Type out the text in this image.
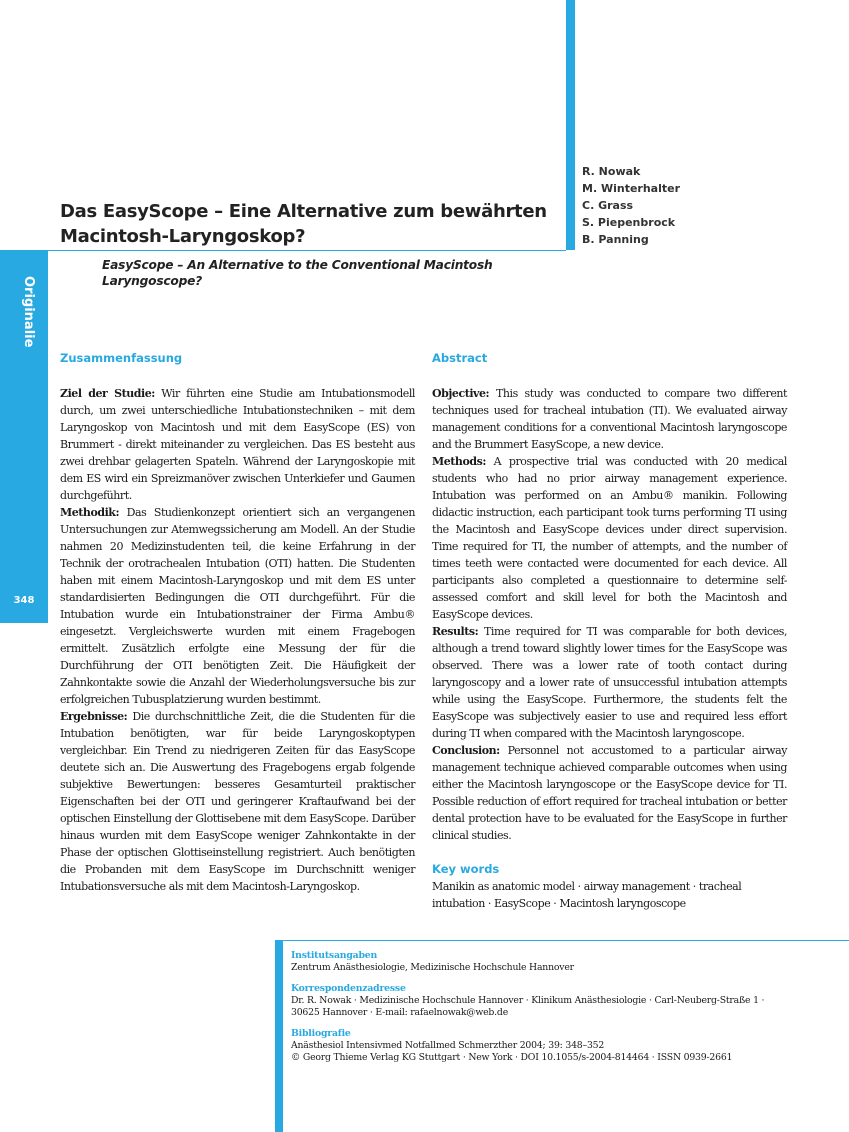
Originalie
348
Das EasyScope – Eine Alternative zum bewährten Macintosh-Laryngoskop?
R. Nowak
M. Winterhalter
C. Grass
S. Piepenbrock
B. Panning

EasyScope – An Alternative to the Conventional Macintosh Laryngoscope?

Zusammenfassung

Ziel der Studie: Wir führten eine Studie am Intubationsmodell durch, um zwei unterschiedliche Intubationstechniken – mit dem Laryngoskop von Macintosh und mit dem EasyScope (ES) von Brummert - direkt miteinander zu vergleichen. Das ES besteht aus zwei drehbar gelagerten Spateln. Während der Laryngoskopie mit dem ES wird ein Spreizmanöver zwischen Unterkiefer und Gaumen durchgeführt.

Methodik: Das Studienkonzept orientiert sich an vergangenen Untersuchungen zur Atemwegssicherung am Modell. An der Studie nahmen 20 Medizinstudenten teil, die keine Erfahrung in der Technik der orotrachealen Intubation (OTI) hatten. Die Studenten haben mit einem Macintosh-Laryngoskop und mit dem ES unter standardisierten Bedingungen die OTI durchgeführt. Für die Intubation wurde ein Intubationstrainer der Firma Ambu® eingesetzt. Vergleichswerte wurden mit einem Fragebogen ermittelt. Zusätzlich erfolgte eine Messung der für die Durchführung der OTI benötigten Zeit. Die Häufigkeit der Zahnkontakte sowie die Anzahl der Wiederholungsversuche bis zur erfolgreichen Tubusplatzierung wurden bestimmt.

Ergebnisse: Die durchschnittliche Zeit, die die Studenten für die Intubation benötigten, war für beide Laryngoskoptypen vergleichbar. Ein Trend zu niedrigeren Zeiten für das EasyScope deutete sich an. Die Auswertung des Fragebogens ergab folgende subjektive Bewertungen: besseres Gesamturteil praktischer Eigenschaften bei der OTI und geringerer Kraftaufwand bei der optischen Einstellung der Glottisebene mit dem EasyScope. Darüber hinaus wurden mit dem EasyScope weniger Zahnkontakte in der Phase der optischen Glottiseinstellung registriert. Auch benötigten die Probanden mit dem EasyScope im Durchschnitt weniger Intubationsversuche als mit dem Macintosh-Laryngoskop.

Abstract

Objective: This study was conducted to compare two different techniques used for tracheal intubation (TI). We evaluated airway management conditions for a conventional Macintosh laryngoscope and the Brummert EasyScope, a new device.

Methods: A prospective trial was conducted with 20 medical students who had no prior airway management experience. Intubation was performed on an Ambu® manikin. Following didactic instruction, each participant took turns performing TI using the Macintosh and EasyScope devices under direct supervision. Time required for TI, the number of attempts, and the number of times teeth were contacted were documented for each device. All participants also completed a questionnaire to determine self-assessed comfort and skill level for both the Macintosh and EasyScope devices.

Results: Time required for TI was comparable for both devices, although a trend toward slightly lower times for the EasyScope was observed. There was a lower rate of tooth contact during laryngoscopy and a lower rate of unsuccessful intubation attempts while using the EasyScope. Furthermore, the students felt the EasyScope was subjectively easier to use and required less effort during TI when compared with the Macintosh laryngoscope.

Conclusion: Personnel not accustomed to a particular airway management technique achieved comparable outcomes when using either the Macintosh laryngoscope or the EasyScope device for TI. Possible reduction of effort required for tracheal intubation or better dental protection have to be evaluated for the EasyScope in further clinical studies.

Key words

Manikin as anatomic model · airway management · tracheal intubation · EasyScope · Macintosh laryngoscope

Institutsangaben

Zentrum Anästhesiologie, Medizinische Hochschule Hannover

Korrespondenzadresse

Dr. R. Nowak · Medizinische Hochschule Hannover · Klinikum Anästhesiologie · Carl-Neuberg-Straße 1 ·
30625 Hannover · E-mail: rafaelnowak@web.de

Bibliografie

Anästhesiol Intensivmed Notfallmed Schmerzther 2004; 39: 348–352
© Georg Thieme Verlag KG Stuttgart · New York · DOI 10.1055/s-2004-814464 · ISSN 0939-2661
